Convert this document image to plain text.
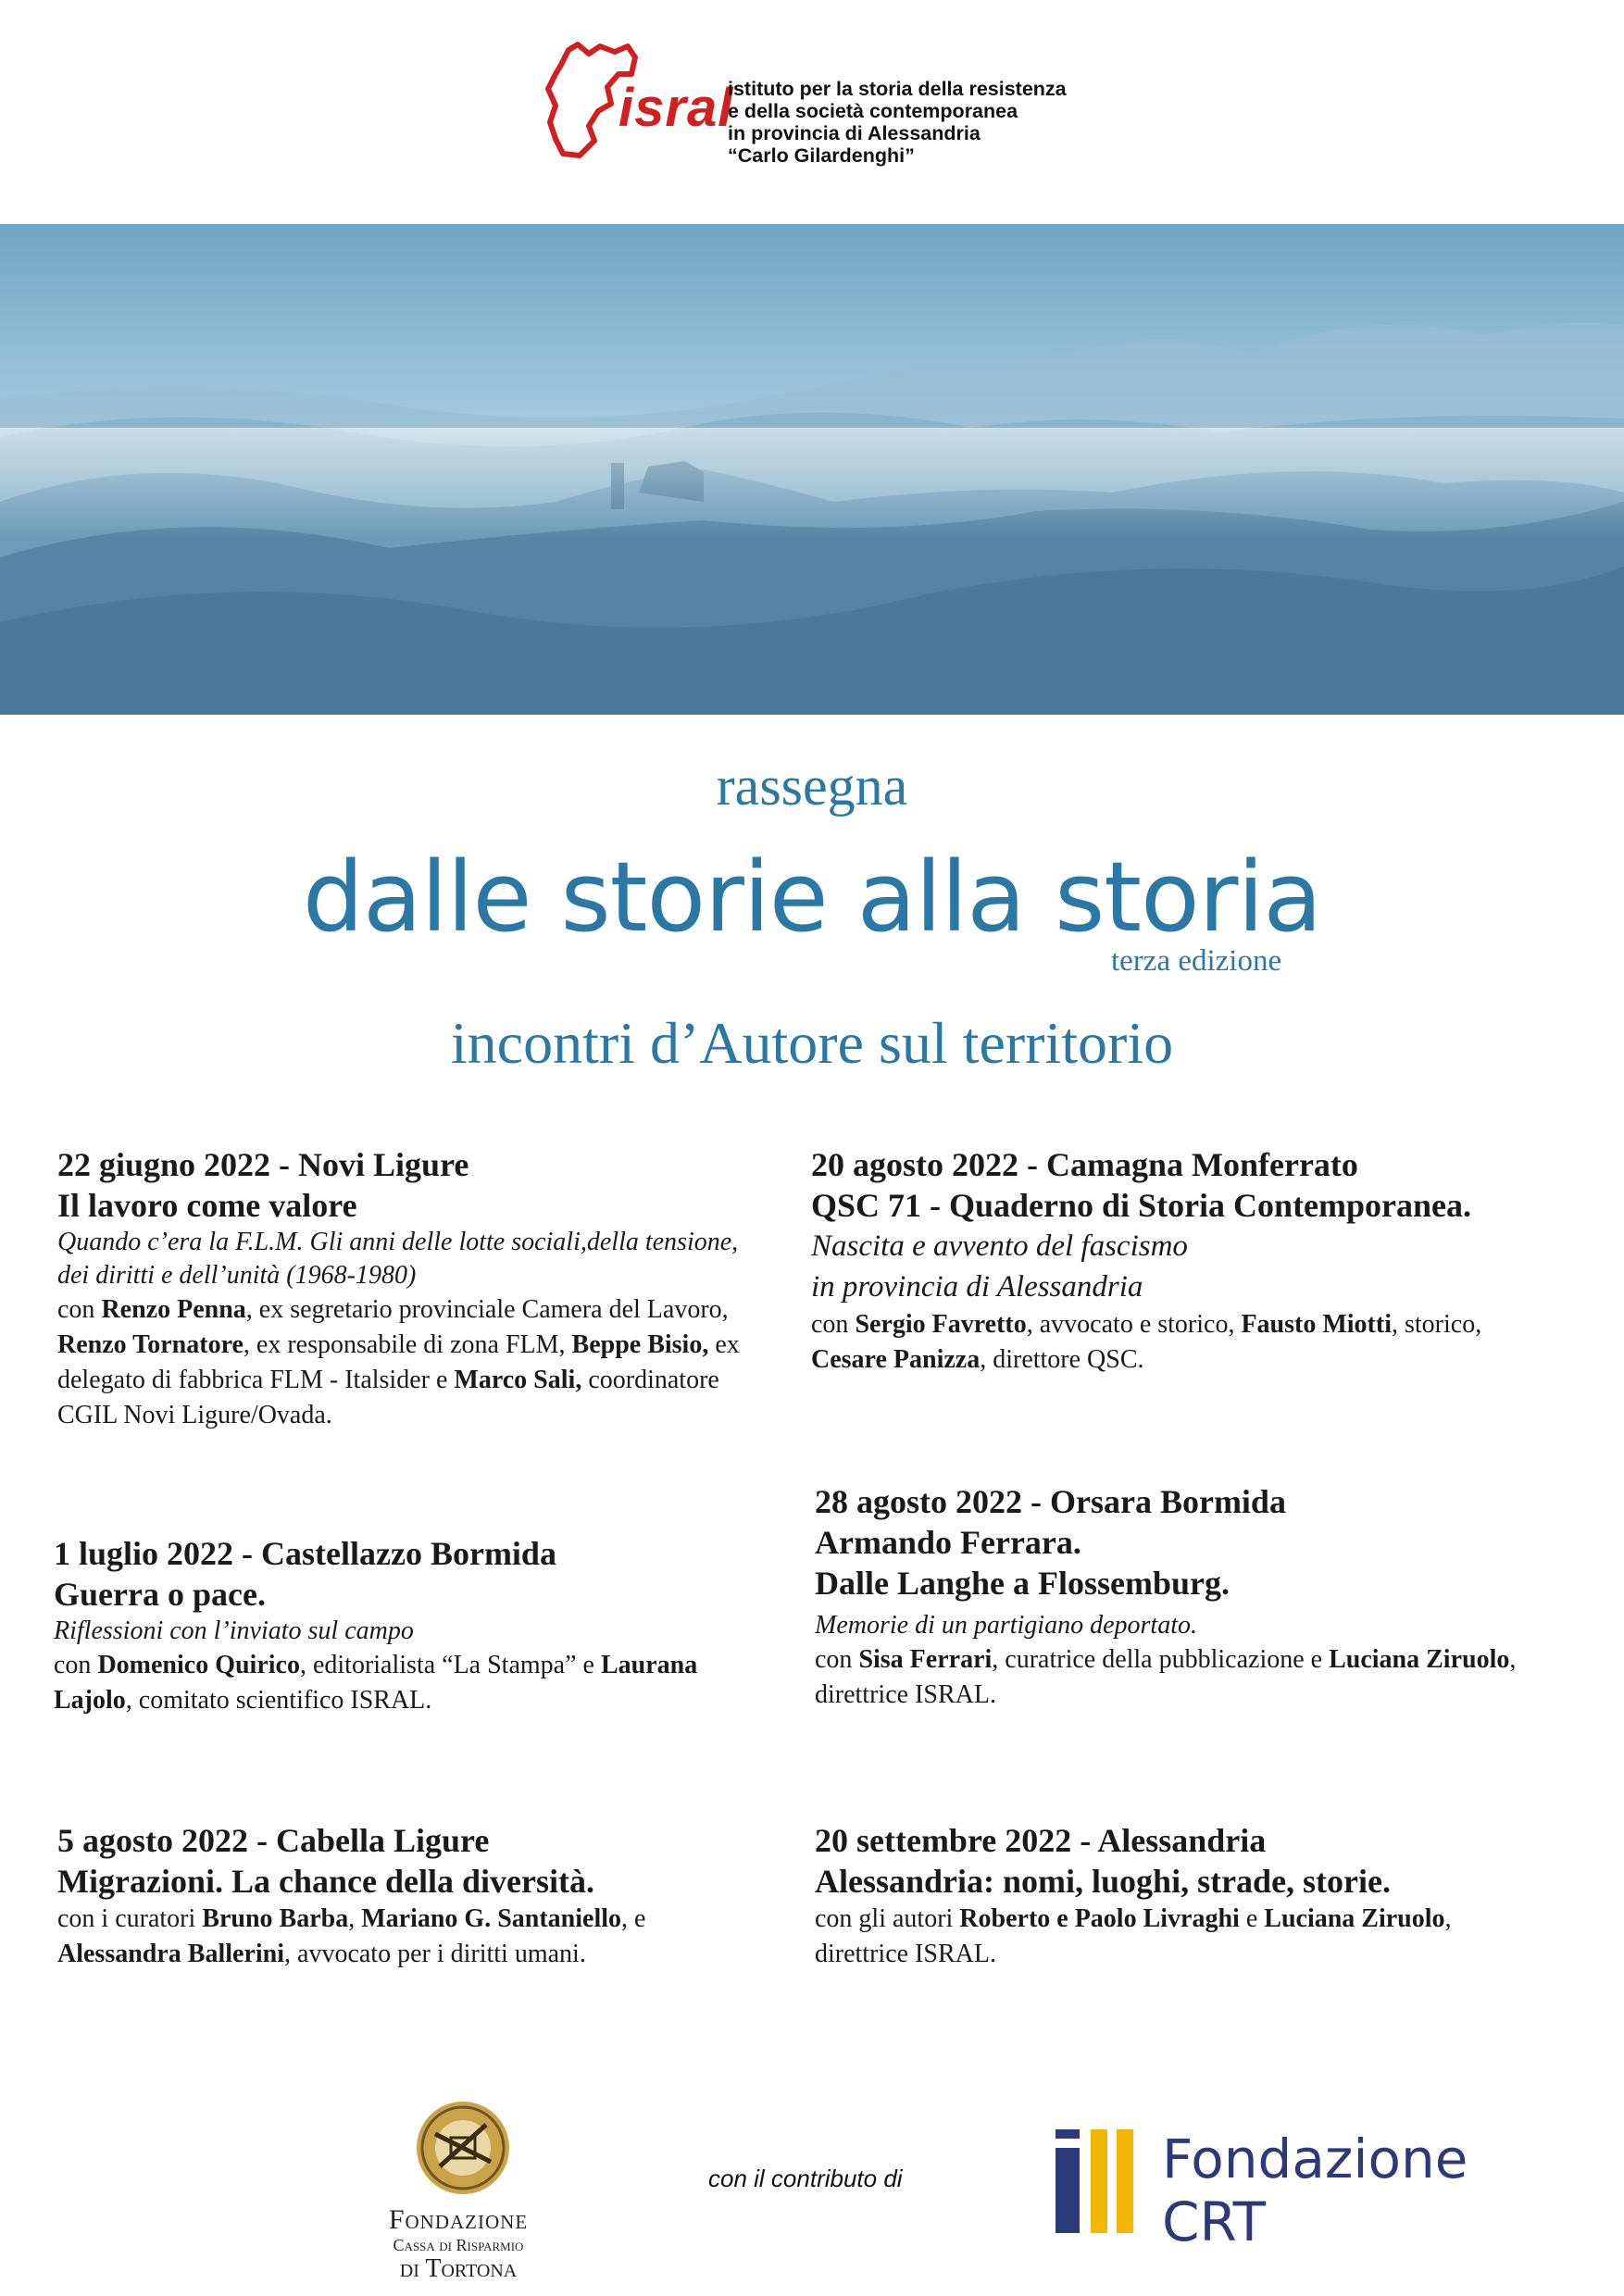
isral
istituto per la storia della resistenza
e della società contemporanea
in provincia di Alessandria
“Carlo Gilardenghi”
rassegna
dalle storie alla storia
terza edizione
incontri d’Autore sul territorio
22 giugno 2022 - Novi Ligure
Il lavoro come valore
Quando c’era la F.L.M. Gli anni delle lotte sociali,della tensione,
dei diritti e dell’unità (1968-1980)

con Renzo Penna, ex segretario provinciale Camera del Lavoro, Renzo Tornatore, ex responsabile di zona FLM, Beppe Bisio, ex delegato di fabbrica FLM - Italsider e Marco Sali, coordinatore CGIL Novi Ligure/Ovada.

1 luglio 2022 - Castellazzo Bormida
Guerra o pace.
Riflessioni con l’inviato sul campo

con Domenico Quirico, editorialista “La Stampa” e Laurana Lajolo, comitato scientifico ISRAL.

5 agosto 2022 - Cabella Ligure
Migrazioni. La chance della diversità.

con i curatori Bruno Barba, Mariano G. Santaniello, e Alessandra Ballerini, avvocato per i diritti umani.

20 agosto 2022 - Camagna Monferrato
QSC 71 - Quaderno di Storia Contemporanea.
Nascita e avvento del fascismo
in provincia di Alessandria

con Sergio Favretto, avvocato e storico, Fausto Miotti, storico, Cesare Panizza, direttore QSC.

28 agosto 2022 - Orsara Bormida
Armando Ferrara.
Dalle Langhe a Flossemburg.
Memorie di un partigiano deportato.

con Sisa Ferrari, curatrice della pubblicazione e Luciana Ziruolo, direttrice ISRAL.

20 settembre 2022 - Alessandria
Alessandria: nomi, luoghi, strade, storie.

con gli autori Roberto e Paolo Livraghi e Luciana Ziruolo, direttrice ISRAL.

Fondazione
Cassa di Risparmio
di Tortona
con il contributo di	Fondazione
CRT
